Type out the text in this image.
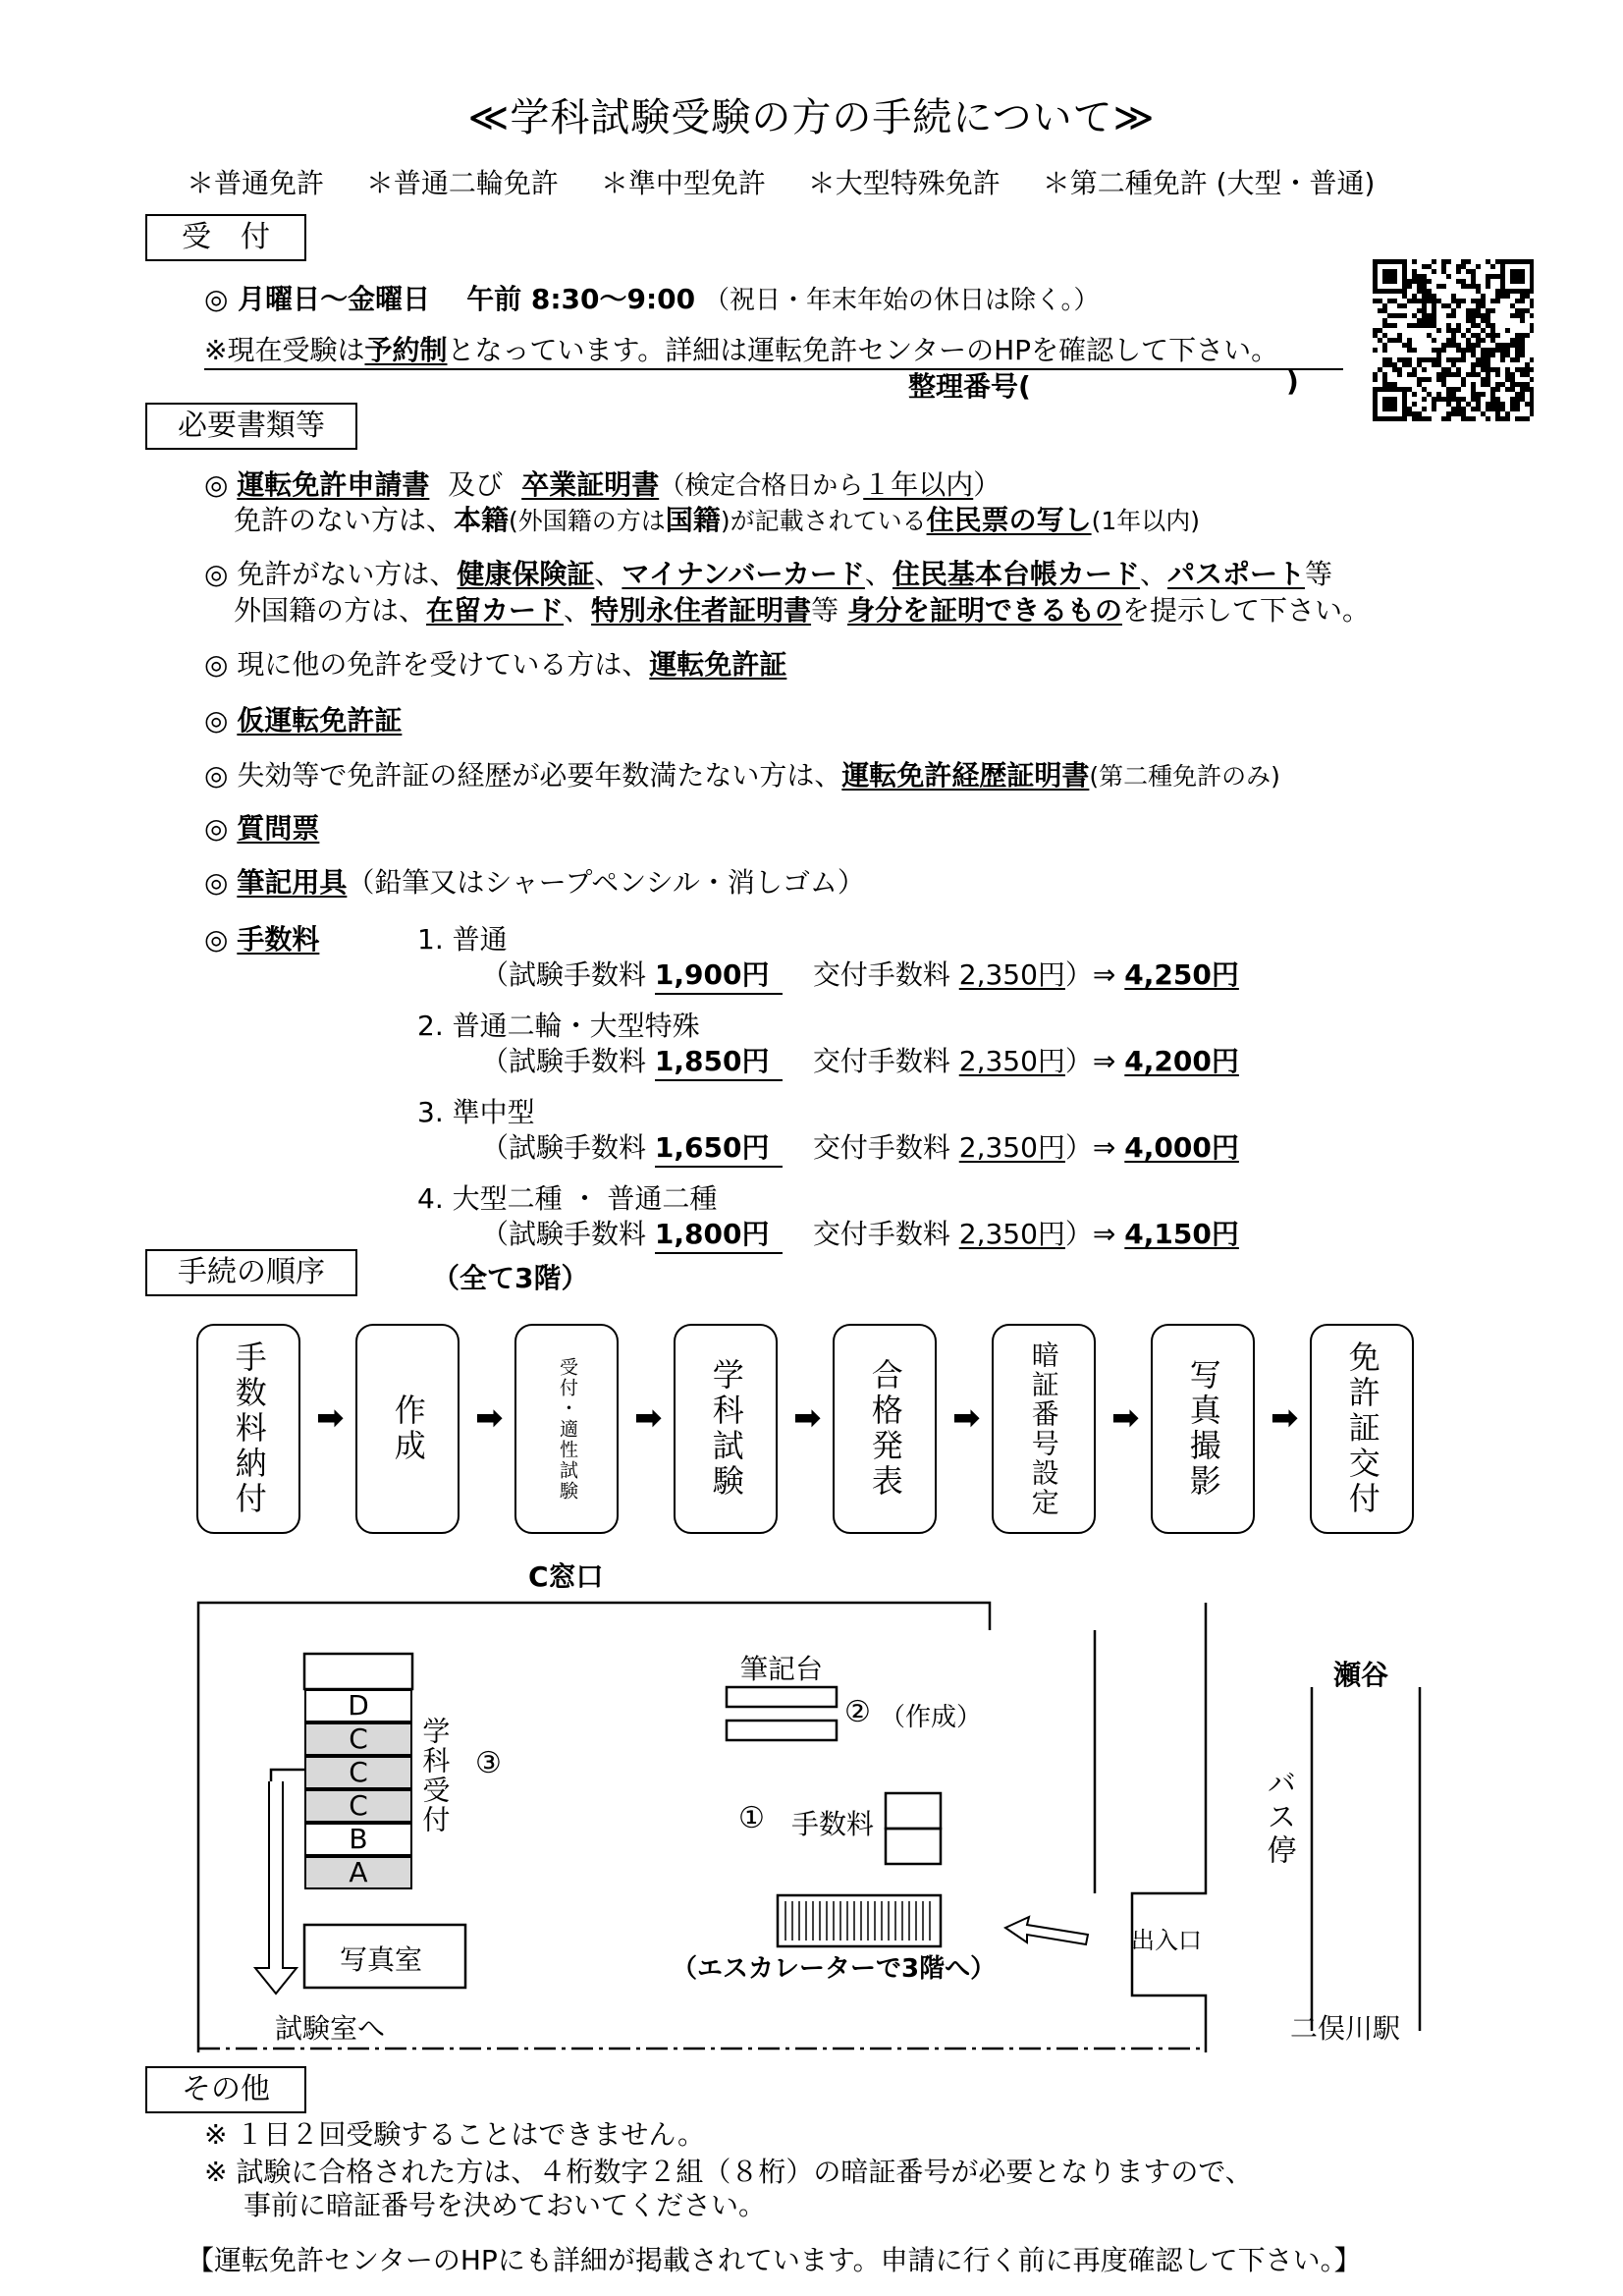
≪学科試験受験の方の手続について≫
＊普通免許 ＊普通二輪免許 ＊準中型免許 ＊大型特殊免許 ＊第二種免許 (大型・普通)
受　付
◎ 月曜日～金曜日 午前 8:30～9:00 （祝日・年末年始の休日は除く。）
※現在受験は予約制となっています。詳細は運転免許センターのHPを確認して下さい。
整理番号(	)
必要書類等
◎ 運転免許申請書 及び 卒業証明書（検定合格日から１年以内）
免許のない方は、本籍(外国籍の方は国籍)が記載されている住民票の写し(1年以内)
◎ 免許がない方は、健康保険証、マイナンバーカード、住民基本台帳カード、パスポート等
外国籍の方は、在留カード、特別永住者証明書等 身分を証明できるものを提示して下さい。
◎ 現に他の免許を受けている方は、運転免許証
◎ 仮運転免許証
◎ 失効等で免許証の経歴が必要年数満たない方は、運転免許経歴証明書(第二種免許のみ)
◎ 質問票
◎ 筆記用具（鉛筆又はシャープペンシル・消しゴム）
◎ 手数料	1. 普通
（試験手数料 1,900円 交付手数料 2,350円）⇒ 4,250円
2. 普通二輪・大型特殊
（試験手数料 1,850円 交付手数料 2,350円）⇒ 4,200円
3. 準中型
（試験手数料 1,650円 交付手数料 2,350円）⇒ 4,000円
4. 大型二種 ・ 普通二種
（試験手数料 1,800円 交付手数料 2,350円）⇒ 4,150円
手続の順序	（全て3階）
手数料納付 ➡ 作成 ➡	受付・適性試験 ➡ 学科試験 ➡ 合格発表 ➡ 暗証番号設定 ➡ 写真撮影 ➡ 免許証交付
C窓口
D
C
C
C
B
A
学科受付 ③
写真室
試験室へ
筆記台
② （作成）
① 手数料
（エスカレーターで3階へ）
出入口
瀬谷
バス停
二俣川駅
その他
※ １日２回受験することはできません。
※ 試験に合格された方は、４桁数字２組（８桁）の暗証番号が必要となりますので、
事前に暗証番号を決めておいてください。
【運転免許センターのHPにも詳細が掲載されています。申請に行く前に再度確認して下さい。】
